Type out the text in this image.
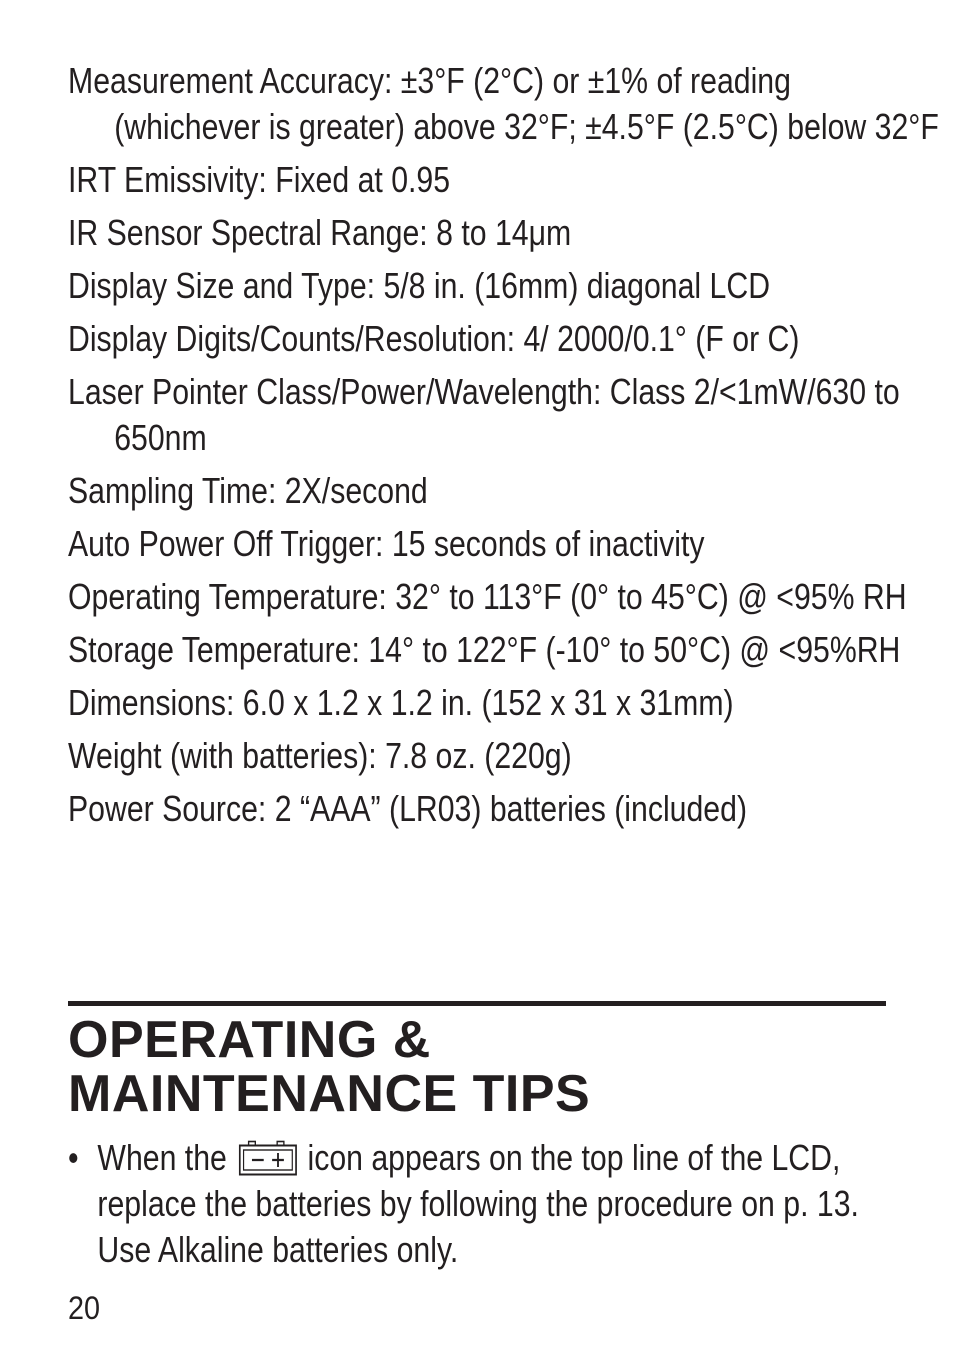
Measurement Accuracy: ±3°F (2°C) or ±1% of reading (whichever is greater) above 32°F; ±4.5°F (2.5°C) below 32°F
IRT Emissivity: Fixed at 0.95
IR Sensor Spectral Range: 8 to 14μm
Display Size and Type: 5/8 in. (16mm) diagonal LCD
Display Digits/Counts/Resolution: 4/ 2000/0.1° (F or C)
Laser Pointer Class/Power/Wavelength: Class 2/<1mW/630 to 650nm
Sampling Time: 2X/second
Auto Power Off Trigger: 15 seconds of inactivity
Operating Temperature: 32° to 113°F (0° to 45°C) @ <95% RH
Storage Temperature: 14° to 122°F (-10° to 50°C) @ <95%RH
Dimensions: 6.0 x 1.2 x 1.2 in. (152 x 31 x 31mm)
Weight (with batteries): 7.8 oz. (220g)
Power Source: 2 “AAA” (LR03) batteries (included)
OPERATING &
MAINTENANCE TIPS
• When the icon appears on the top line of the LCD, replace the batteries by following the procedure on p. 13. Use Alkaline batteries only.
20
